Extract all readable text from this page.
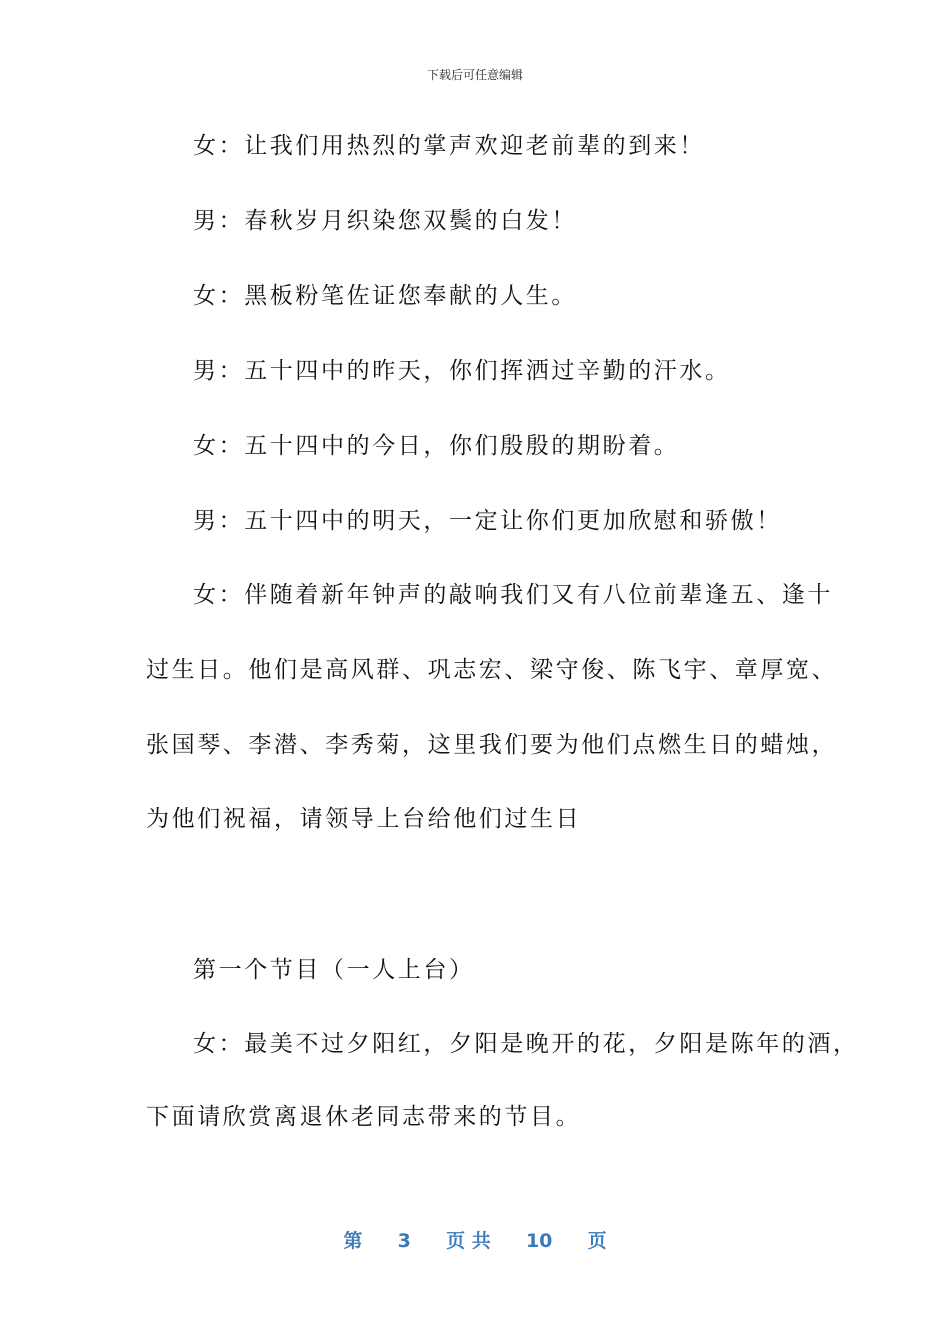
下载后可任意编辑
女：让我们用热烈的掌声欢迎老前辈的到来！
男：春秋岁月织染您双鬓的白发！
女：黑板粉笔佐证您奉献的人生。
男：五十四中的昨天，你们挥洒过辛勤的汗水。
女：五十四中的今日，你们殷殷的期盼着。
男：五十四中的明天，一定让你们更加欣慰和骄傲！
女：伴随着新年钟声的敲响我们又有八位前辈逢五、逢十
过生日。他们是高风群、巩志宏、梁守俊、陈飞宇、章厚宽、
张国琴、李潜、李秀菊，这里我们要为他们点燃生日的蜡烛，
为他们祝福，请领导上台给他们过生日
第一个节目（一人上台）
女：最美不过夕阳红，夕阳是晚开的花，夕阳是陈年的酒，
下面请欣赏离退休老同志带来的节目。
第 3 页 共 10 页
